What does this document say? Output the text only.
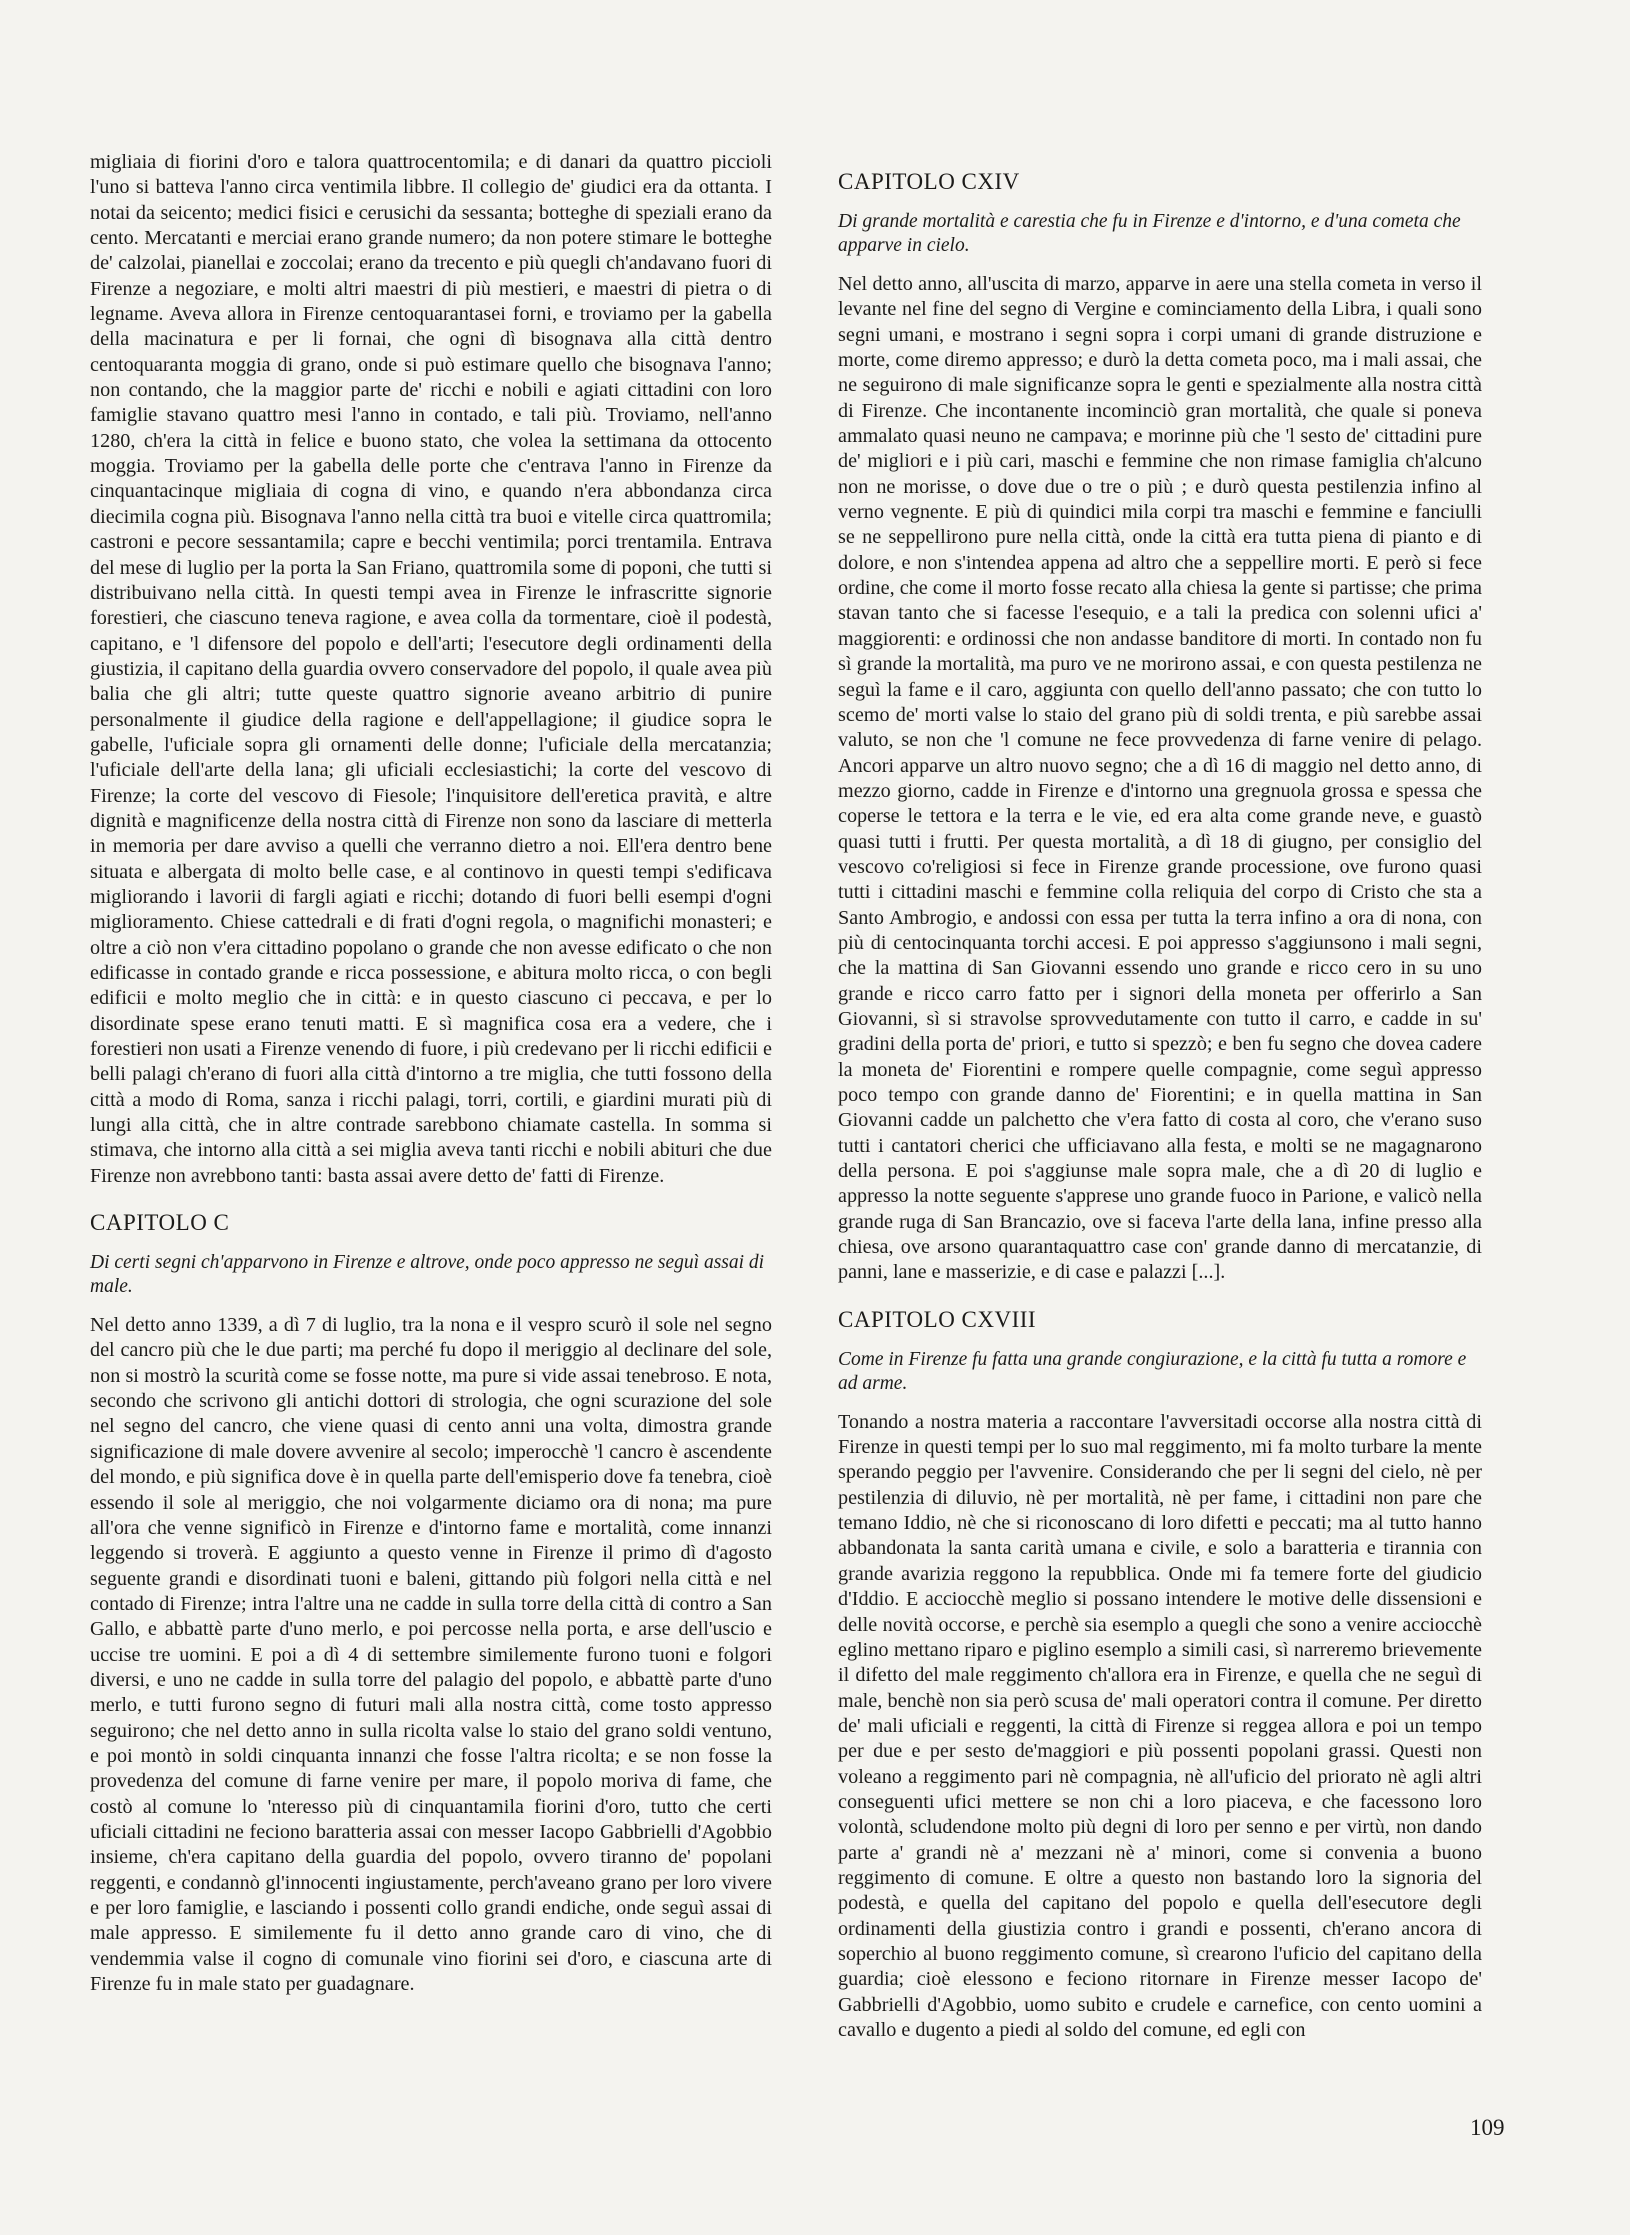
migliaia di fiorini d'oro e talora quattrocentomila; e di danari da quattro piccioli l'uno si batteva l'anno circa ventimila libbre. Il collegio de' giudici era da ottanta. I notai da seicento; medici fisici e cerusichi da sessanta; botteghe di speziali erano da cento. Mercatanti e merciai erano grande numero; da non potere stimare le botteghe de' calzolai, pianellai e zoccolai; erano da trecento e più quegli ch'andavano fuori di Firenze a negoziare, e molti altri maestri di più mestieri, e maestri di pietra o di legname. Aveva allora in Firenze centoquarantasei forni, e troviamo per la gabella della macinatura e per li fornai, che ogni dì bisognava alla città dentro centoquaranta moggia di grano, onde si può estimare quello che bisognava l'anno; non contando, che la maggior parte de' ricchi e nobili e agiati cittadini con loro famiglie stavano quattro mesi l'anno in contado, e tali più. Troviamo, nell'anno 1280, ch'era la città in felice e buono stato, che volea la settimana da ottocento moggia. Troviamo per la gabella delle porte che c'entrava l'anno in Firenze da cinquantacinque migliaia di cogna di vino, e quando n'era abbondanza circa diecimila cogna più. Bisognava l'anno nella città tra buoi e vitelle circa quattromila; castroni e pecore sessantamila; capre e becchi ventimila; porci trentamila. Entrava del mese di luglio per la porta la San Friano, quattromila some di poponi, che tutti si distribuivano nella città. In questi tempi avea in Firenze le infrascritte signorie forestieri, che ciascuno teneva ragione, e avea colla da tormentare, cioè il podestà, capitano, e 'l difensore del popolo e dell'arti; l'esecutore degli ordinamenti della giustizia, il capitano della guardia ovvero conservadore del popolo, il quale avea più balia che gli altri; tutte queste quattro signorie aveano arbitrio di punire personalmente il giudice della ragione e dell'appellagione; il giudice sopra le gabelle, l'uficiale sopra gli ornamenti delle donne; l'uficiale della mercatanzia; l'uficiale dell'arte della lana; gli uficiali ecclesiastichi; la corte del vescovo di Firenze; la corte del vescovo di Fiesole; l'inquisitore dell'eretica pravità, e altre dignità e magnificenze della nostra città di Firenze non sono da lasciare di metterla in memoria per dare avviso a quelli che verranno dietro a noi. Ell'era dentro bene situata e albergata di molto belle case, e al continovo in questi tempi s'edificava migliorando i lavorii di fargli agiati e ricchi; dotando di fuori belli esempi d'ogni miglioramento. Chiese cattedrali e di frati d'ogni regola, o magnifichi monasteri; e oltre a ciò non v'era cittadino popolano o grande che non avesse edificato o che non edificasse in contado grande e ricca possessione, e abitura molto ricca, o con begli edificii e molto meglio che in città: e in questo ciascuno ci peccava, e per lo disordinate spese erano tenuti matti. E sì magnifica cosa era a vedere, che i forestieri non usati a Firenze venendo di fuore, i più credevano per li ricchi edificii e belli palagi ch'erano di fuori alla città d'intorno a tre miglia, che tutti fossono della città a modo di Roma, sanza i ricchi palagi, torri, cortili, e giardini murati più di lungi alla città, che in altre contrade sarebbono chiamate castella. In somma si stimava, che intorno alla città a sei miglia aveva tanti ricchi e nobili abituri che due Firenze non avrebbono tanti: basta assai avere detto de' fatti di Firenze.

CAPITOLO C

Di certi segni ch'apparvono in Firenze e altrove, onde poco appresso ne seguì assai di male.

Nel detto anno 1339, a dì 7 di luglio, tra la nona e il vespro scurò il sole nel segno del cancro più che le due parti; ma perché fu dopo il meriggio al declinare del sole, non si mostrò la scurità come se fosse notte, ma pure si vide assai tenebroso. E nota, secondo che scrivono gli antichi dottori di strologia, che ogni scurazione del sole nel segno del cancro, che viene quasi di cento anni una volta, dimostra grande significazione di male dovere avvenire al secolo; imperocchè 'l cancro è ascendente del mondo, e più significa dove è in quella parte dell'emisperio dove fa tenebra, cioè essendo il sole al meriggio, che noi volgarmente diciamo ora di nona; ma pure all'ora che venne significò in Firenze e d'intorno fame e mortalità, come innanzi leggendo si troverà. E aggiunto a questo venne in Firenze il primo dì d'agosto seguente grandi e disordinati tuoni e baleni, gittando più folgori nella città e nel contado di Firenze; intra l'altre una ne cadde in sulla torre della città di contro a San Gallo, e abbattè parte d'uno merlo, e poi percosse nella porta, e arse dell'uscio e uccise tre uomini. E poi a dì 4 di settembre similemente furono tuoni e folgori diversi, e uno ne cadde in sulla torre del palagio del popolo, e abbattè parte d'uno merlo, e tutti furono segno di futuri mali alla nostra città, come tosto appresso seguirono; che nel detto anno in sulla ricolta valse lo staio del grano soldi ventuno, e poi montò in soldi cinquanta innanzi che fosse l'altra ricolta; e se non fosse la provedenza del comune di farne venire per mare, il popolo moriva di fame, che costò al comune lo 'nteresso più di cinquantamila fiorini d'oro, tutto che certi uficiali cittadini ne fecionо baratteria assai con messer Iacopo Gabbrielli d'Agobbio insieme, ch'era capitano della guardia del popolo, ovvero tiranno de' popolani reggenti, e condannò gl'innocenti ingiustamente, perch'aveano grano per loro vivere e per loro famiglie, e lasciando i possenti collo grandi endiche, onde seguì assai di male appresso. E similemente fu il detto anno grande caro di vino, che di vendemmia valse il cogno di comunale vino fiorini sei d'oro, e ciascuna arte di Firenze fu in male stato per guadagnare.

CAPITOLO CXIV

Di grande mortalità e carestia che fu in Firenze e d'intorno, e d'una cometa che apparve in cielo.

Nel detto anno, all'uscita di marzo, apparve in aere una stella cometa in verso il levante nel fine del segno di Vergine e cominciamento della Libra, i quali sono segni umani, e mostrano i segni sopra i corpi umani di grande distruzione e morte, come diremo appresso; e durò la detta cometa poco, ma i mali assai, che ne seguirono di male significanze sopra le genti e spezialmente alla nostra città di Firenze. Che incontanente incominciò gran mortalità, che quale si poneva ammalato quasi neuno ne campava; e morinne più che 'l sesto de' cittadini pure de' migliori e i più cari, maschi e femmine che non rimase famiglia ch'alcuno non ne morisse, o dove due o tre o più ; e durò questa pestilenzia infino al verno vegnente. E più di quindici mila corpi tra maschi e femmine e fanciulli se ne seppellirono pure nella città, onde la città era tutta piena di pianto e di dolore, e non s'intendea appena ad altro che a seppellire morti. E però si fece ordine, che come il morto fosse recato alla chiesa la gente si partisse; che prima stavan tanto che si facesse l'esequio, e a tali la predica con solenni ufici a' maggiorenti: e ordinossi che non andasse banditore di morti. In contado non fu sì grande la mortalità, ma puro ve ne morirono assai, e con questa pestilenza ne seguì la fame e il caro, aggiunta con quello dell'anno passato; che con tutto lo scemo de' morti valse lo staio del grano più di soldi trenta, e più sarebbe assai valuto, se non che 'l comune ne fece provvedenza di farne venire di pelago. Ancori apparve un altro nuovo segno; che a dì 16 di maggio nel detto anno, di mezzo giorno, cadde in Firenze e d'intorno una gregnuola grossa e spessa che coperse le tettora e la terra e le vie, ed era alta come grande neve, e guastò quasi tutti i frutti. Per questa mortalità, a dì 18 di giugno, per consiglio del vescovo co'religiosi si fece in Firenze grande processione, ove furono quasi tutti i cittadini maschi e femmine colla reliquia del corpo di Cristo che sta a Santo Ambrogio, e andossi con essa per tutta la terra infino a ora di nona, con più di centocinquanta torchi accesi. E poi appresso s'aggiunsono i mali segni, che la mattina di San Giovanni essendo uno grande e ricco cero in su uno grande e ricco carro fatto per i signori della moneta per offerirlo a San Giovanni, sì si stravolse sprovvedutamente con tutto il carro, e cadde in su' gradini della porta de' priori, e tutto si spezzò; e ben fu segno che dovea cadere la moneta de' Fiorentini e rompere quelle compagnie, come seguì appresso poco tempo con grande danno de' Fiorentini; e in quella mattina in San Giovanni cadde un palchetto che v'era fatto di costa al coro, che v'erano suso tutti i cantatori cherici che ufficiavano alla festa, e molti se ne magagnarono della persona. E poi s'aggiunse male sopra male, che a dì 20 di luglio e appresso la notte seguente s'apprese uno grande fuoco in Parione, e valicò nella grande ruga di San Brancazio, ove si faceva l'arte della lana, infine presso alla chiesa, ove arsono quarantaquattro case con' grande danno di mercatanzie, di panni, lane e masserizie, e di case e palazzi [...].

CAPITOLO CXVIII

Come in Firenze fu fatta una grande congiurazione, e la città fu tutta a romore e ad arme.

Tonando a nostra materia a raccontare l'avversitadi occorse alla nostra città di Firenze in questi tempi per lo suo mal reggimento, mi fa molto turbare la mente sperando peggio per l'avvenire. Considerando che per li segni del cielo, nè per pestilenzia di diluvio, nè per mortalità, nè per fame, i cittadini non pare che temano Iddio, nè che si riconoscano di loro difetti e peccati; ma al tutto hanno abbandonata la santa carità umana e civile, e solo a baratteria e tirannia con grande avarizia reggono la repubblica. Onde mi fa temere forte del giudicio d'Iddio. E acciocchè meglio si possano intendere le motive delle dissensioni e delle novità occorse, e perchè sia esemplo a quegli che sono a venire acciocchè eglino mettano riparo e piglino esemplo a simili casi, sì narreremo brievemente il difetto del male reggimento ch'allora era in Firenze, e quella che ne seguì di male, benchè non sia però scusa de' mali operatori contra il comune. Per diretto de' mali uficiali e reggenti, la città di Firenze si reggea allora e poi un tempo per due e per sesto de'maggiori e più possenti popolani grassi. Questi non voleano a reggimento pari nè compagnia, nè all'uficio del priorato nè agli altri conseguenti ufici mettere se non chi a loro piaceva, e che facessono loro volontà, scludendone molto più degni di loro per senno e per virtù, non dando parte a' grandi nè a' mezzani nè a' minori, come si convenia a buono reggimento di comune. E oltre a questo non bastando loro la signoria del podestà, e quella del capitano del popolo e quella dell'esecutore degli ordinamenti della giustizia contro i grandi e possenti, ch'erano ancora di soperchio al buono reggimento comune, sì crearono l'uficio del capitano della guardia; cioè elessono e feciono ritornare in Firenze messer Iacopo de' Gabbrielli d'Agobbio, uomo subito e crudele e carnefice, con cento uomini a cavallo e dugento a piedi al soldo del comune, ed egli con

109
